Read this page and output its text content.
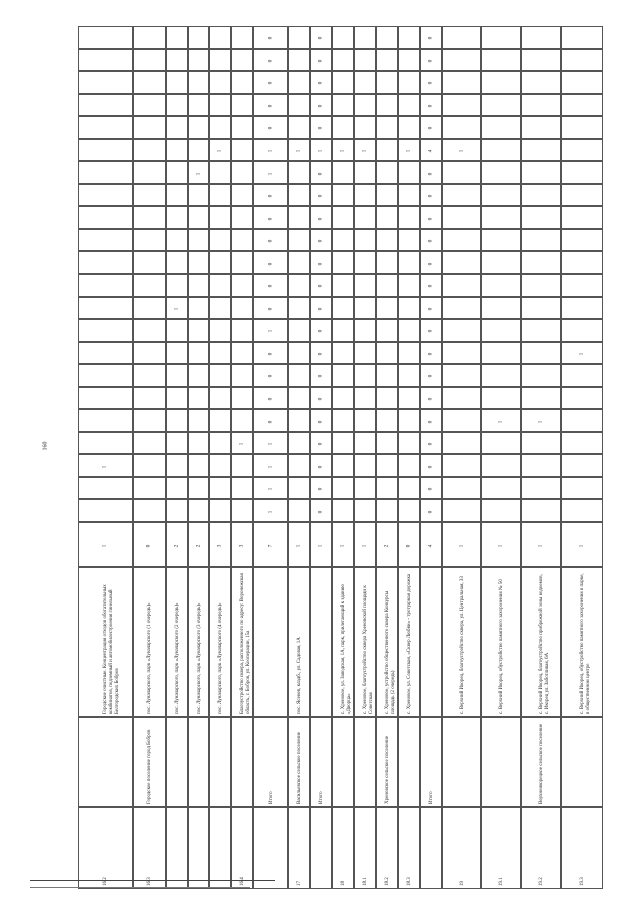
160
16.2
Городские очистные. Концентрация отходов обогатительных комбинатов, подземный и автомобилестроения гинельный Белгородских Бобров
1
1
16.3
Городское поселение город Бобров
пос. Луначарского, парк «Луначарского (1 очередь)»
0
пос. Луначарского, парк «Луначарского (2 очередь)»
2
1
пос. Луначарского, парк «Луначарского (3 очередь)»
2
1
пос. Луначарского, парк «Луначарского (4 очередь)»
3
1
16.4
Благоустройство сквера, расположенного по адресу: Воронежская область, г. Бобров, ул. Кооперации, 15а
3
1
Итого
7
1
1
1
1
0
0
0
0
1
0
0
0
0
0
0
1
1
0
0
0
0
0
17
Васильевское сельское поселение
пос. Ясенев, кладб., ул. Садовая, 1А
1
1
Итого
1
0
0
0
0
0
0
0
0
0
0
0
0
0
0
0
0
1
0
0
0
0
0
18
с. Хреновое, ул. Заводская, 1А, парк, прилегающий к зданию «Дворца»
1
1
18.1
с. Хреновое, благоустройство сквера Хреновской площади к Советская
1
1
18.2
Хреновское сельское поселение
с. Хреновое, устройство общественного сквера Конкурсы площадь (2 очередь)
2
18.3
с. Хреновое, ул. Советская, «Сквер Любви» - тротуарная дорожка
0
1
Итого
4
0
0
0
0
0
0
0
0
0
0
0
0
0
0
0
0
4
0
0
0
0
0
19
с. Верхний Икорец, благоустройство сквера, ул. Центральная, 33
1
1
19.1
с. Верхний Икорец, обустройство памятного захоронения № 50
1
1
19.2
Верхнеикорецкое сельское поселение
с. Верхний Икорец, благоустройство прибрежной зоны водоемов, с. Икорец ул. Заботливая, 6А
1
1
19.3
с. Верхний Икорец, обустройство памятного захоронения в парке, в общественном центре
1
1
